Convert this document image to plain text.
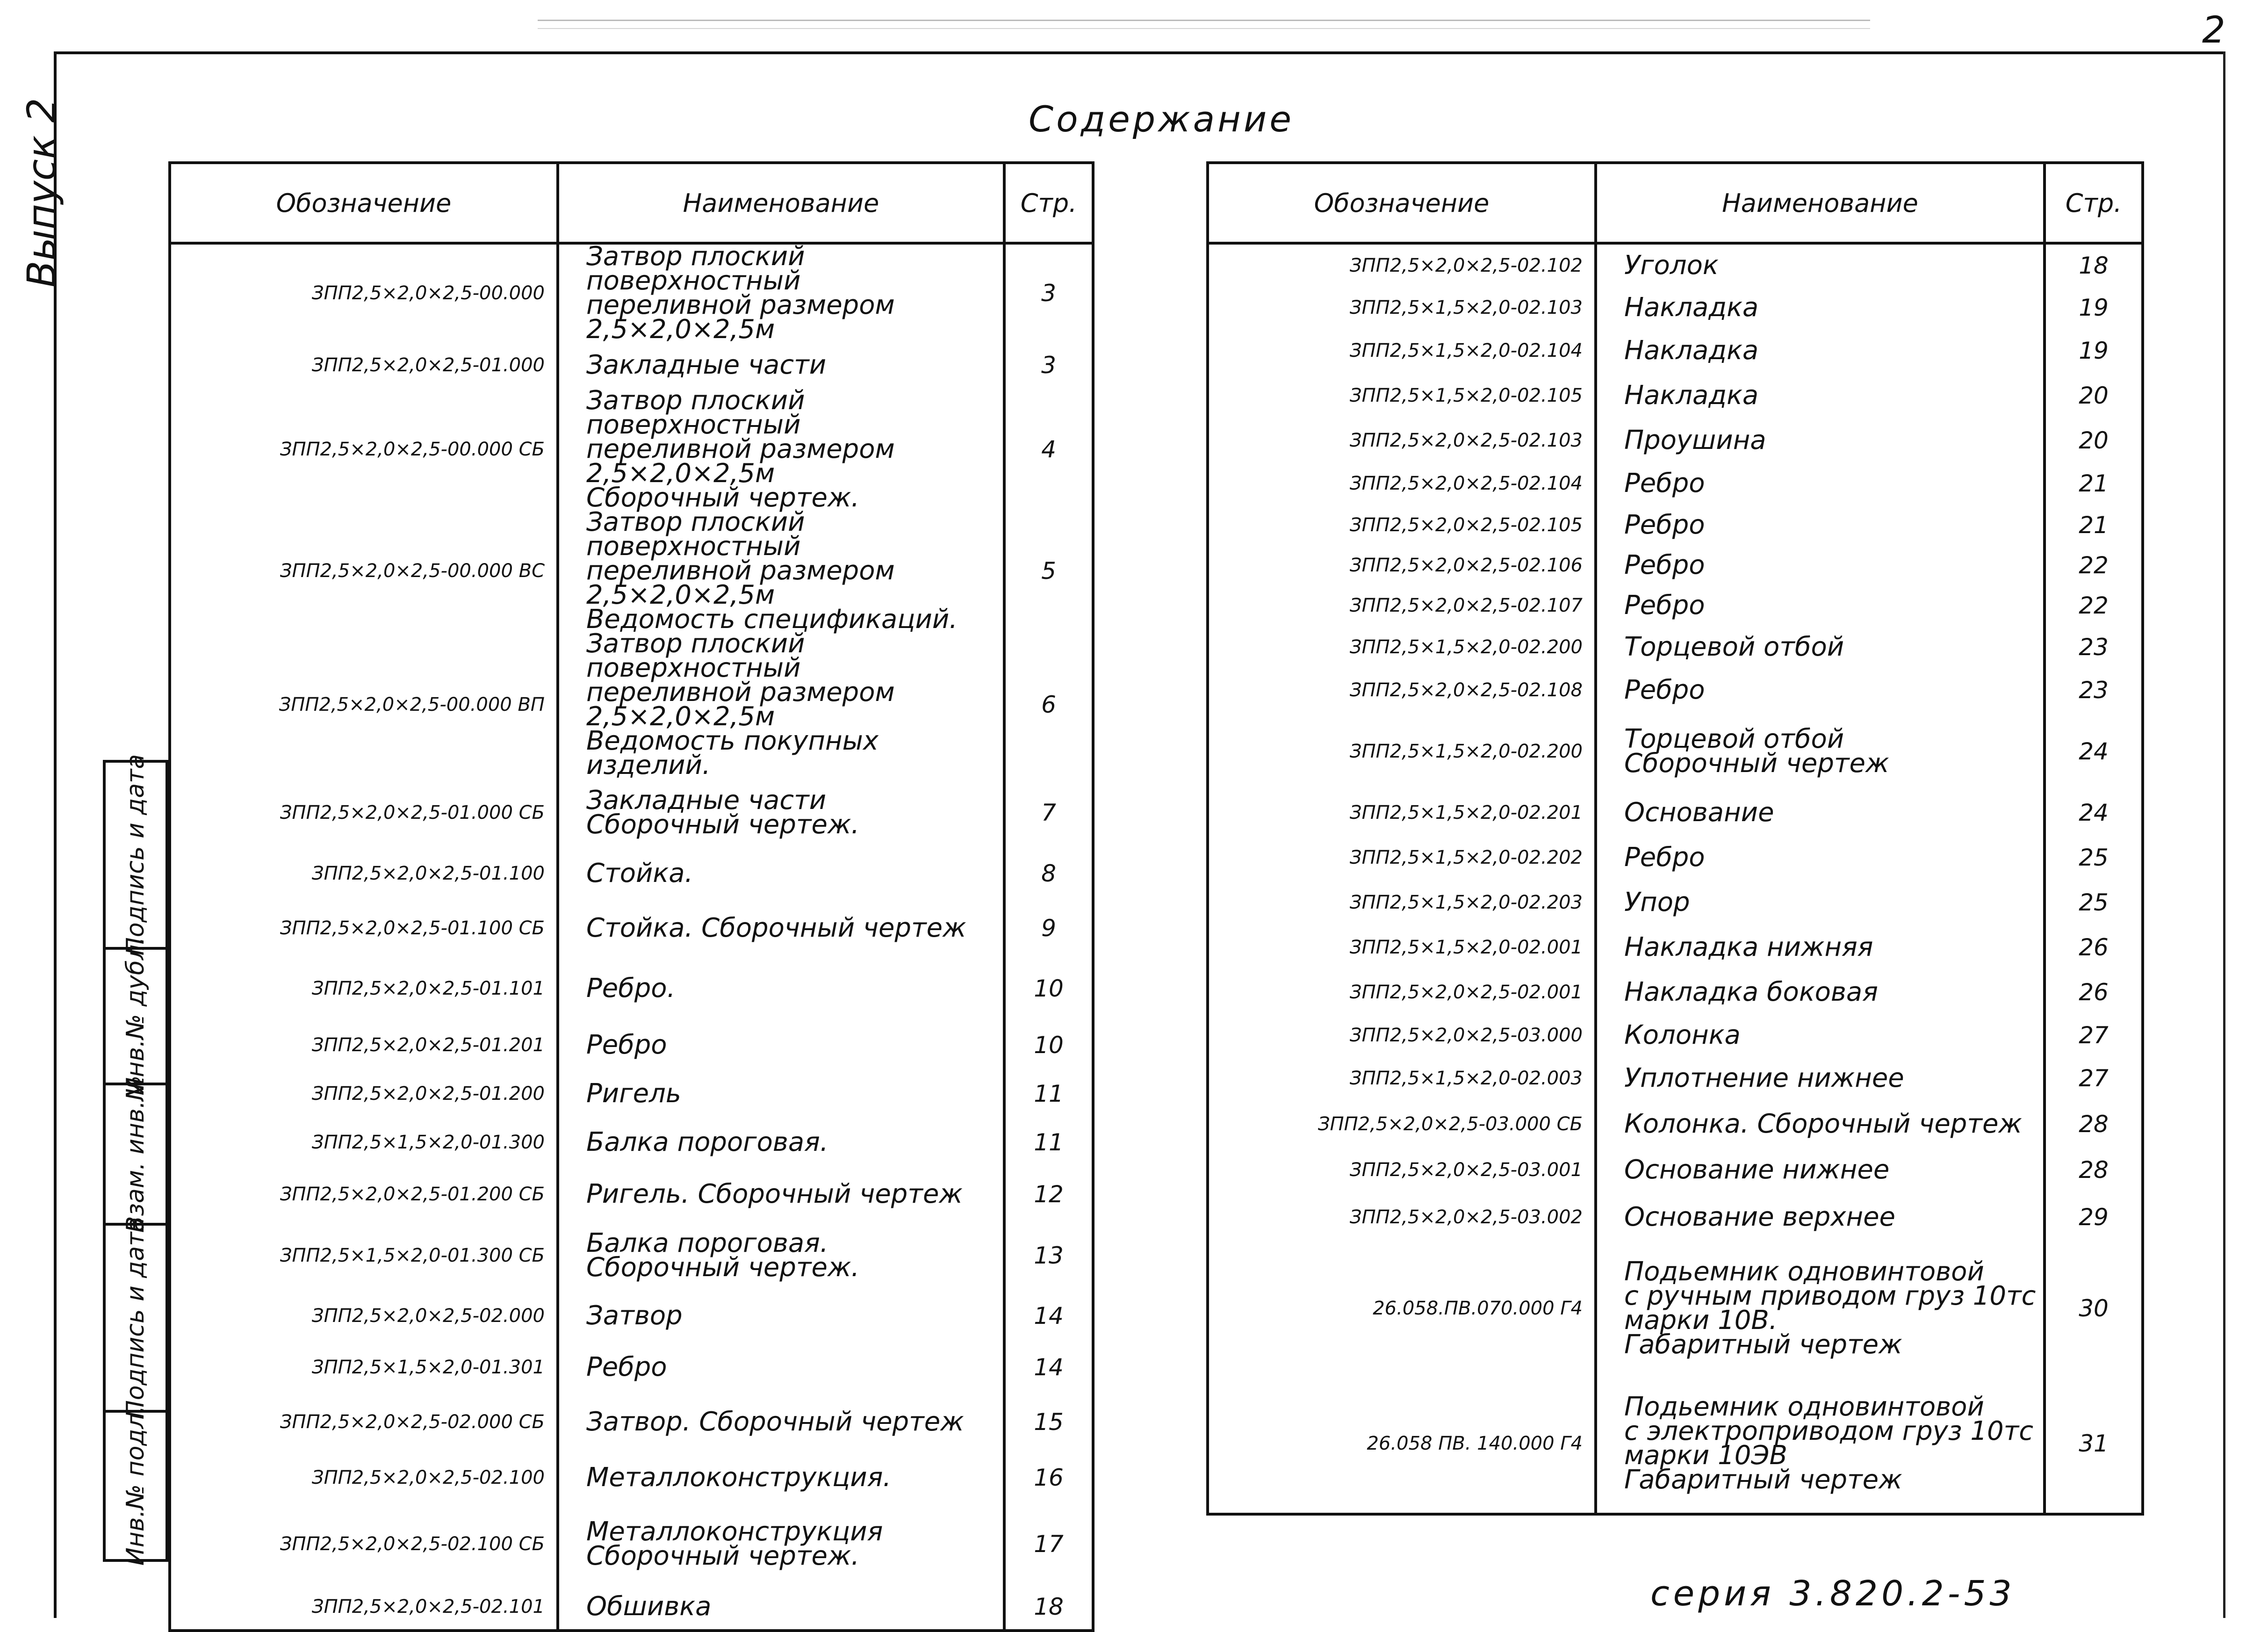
2
Выпуск 2	Содержание
Обозначение	Наименование	Стр.
ЗПП2,5×2,0×2,5-00.000	Затвор плоский поверхностный
переливной размером 2,5×2,0×2,5м	3
ЗПП2,5×2,0×2,5-01.000	Закладные части	3
ЗПП2,5×2,0×2,5-00.000 СБ	Затвор плоский поверхностный
переливной размером 2,5×2,0×2,5м
Сборочный чертеж.	4
ЗПП2,5×2,0×2,5-00.000 ВС	Затвор плоский поверхностный
переливной размером 2,5×2,0×2,5м
Ведомость спецификаций.	5
ЗПП2,5×2,0×2,5-00.000 ВП	Затвор плоский поверхностный
переливной размером 2,5×2,0×2,5м
Ведомость покупных изделий.	6
ЗПП2,5×2,0×2,5-01.000 СБ	Закладные части
Сборочный чертеж.	7
ЗПП2,5×2,0×2,5-01.100	Стойка.	8
ЗПП2,5×2,0×2,5-01.100 СБ	Стойка. Сборочный чертеж	9
ЗПП2,5×2,0×2,5-01.101	Ребро.	10
ЗПП2,5×2,0×2,5-01.201	Ребро	10
ЗПП2,5×2,0×2,5-01.200	Ригель	11
ЗПП2,5×1,5×2,0-01.300	Балка пороговая.	11
ЗПП2,5×2,0×2,5-01.200 СБ	Ригель. Сборочный чертеж	12
ЗПП2,5×1,5×2,0-01.300 СБ	Балка пороговая.
Сборочный чертеж.	13
ЗПП2,5×2,0×2,5-02.000	Затвор	14
ЗПП2,5×1,5×2,0-01.301	Ребро	14
ЗПП2,5×2,0×2,5-02.000 СБ	Затвор. Сборочный чертеж	15
ЗПП2,5×2,0×2,5-02.100	Металлоконструкция.	16
ЗПП2,5×2,0×2,5-02.100 СБ	Металлоконструкция
Сборочный чертеж.	17
ЗПП2,5×2,0×2,5-02.101	Обшивка	18
Обозначение	Наименование	Стр.
ЗПП2,5×2,0×2,5-02.102	Уголок	18
ЗПП2,5×1,5×2,0-02.103	Накладка	19
ЗПП2,5×1,5×2,0-02.104	Накладка	19
ЗПП2,5×1,5×2,0-02.105	Накладка	20
ЗПП2,5×2,0×2,5-02.103	Проушина	20
ЗПП2,5×2,0×2,5-02.104	Ребро	21
ЗПП2,5×2,0×2,5-02.105	Ребро	21
ЗПП2,5×2,0×2,5-02.106	Ребро	22
ЗПП2,5×2,0×2,5-02.107	Ребро	22
ЗПП2,5×1,5×2,0-02.200	Торцевой отбой	23
ЗПП2,5×2,0×2,5-02.108	Ребро	23
ЗПП2,5×1,5×2,0-02.200	Торцевой отбой
Сборочный чертеж	24
ЗПП2,5×1,5×2,0-02.201	Основание	24
ЗПП2,5×1,5×2,0-02.202	Ребро	25
ЗПП2,5×1,5×2,0-02.203	Упор	25
ЗПП2,5×1,5×2,0-02.001	Накладка нижняя	26
ЗПП2,5×2,0×2,5-02.001	Накладка боковая	26
ЗПП2,5×2,0×2,5-03.000	Колонка	27
ЗПП2,5×1,5×2,0-02.003	Уплотнение нижнее	27
ЗПП2,5×2,0×2,5-03.000 СБ	Колонка. Сборочный чертеж	28
ЗПП2,5×2,0×2,5-03.001	Основание нижнее	28
ЗПП2,5×2,0×2,5-03.002	Основание верхнее	29
26.058.ПВ.070.000 Г4	Подьемник одновинтовой
с ручным приводом груз 10тс
марки 10В.
Габаритный чертеж	30
26.058 ПВ. 140.000 Г4	Подьемник одновинтовой
с электроприводом груз 10тс
марки 10ЭВ
Габаритный чертеж	31
Подпись и дата
Инв.№ дубл.
Взам. инв.№
Подпись и дата
Инв.№ подл.
серия 3.820.2-53
